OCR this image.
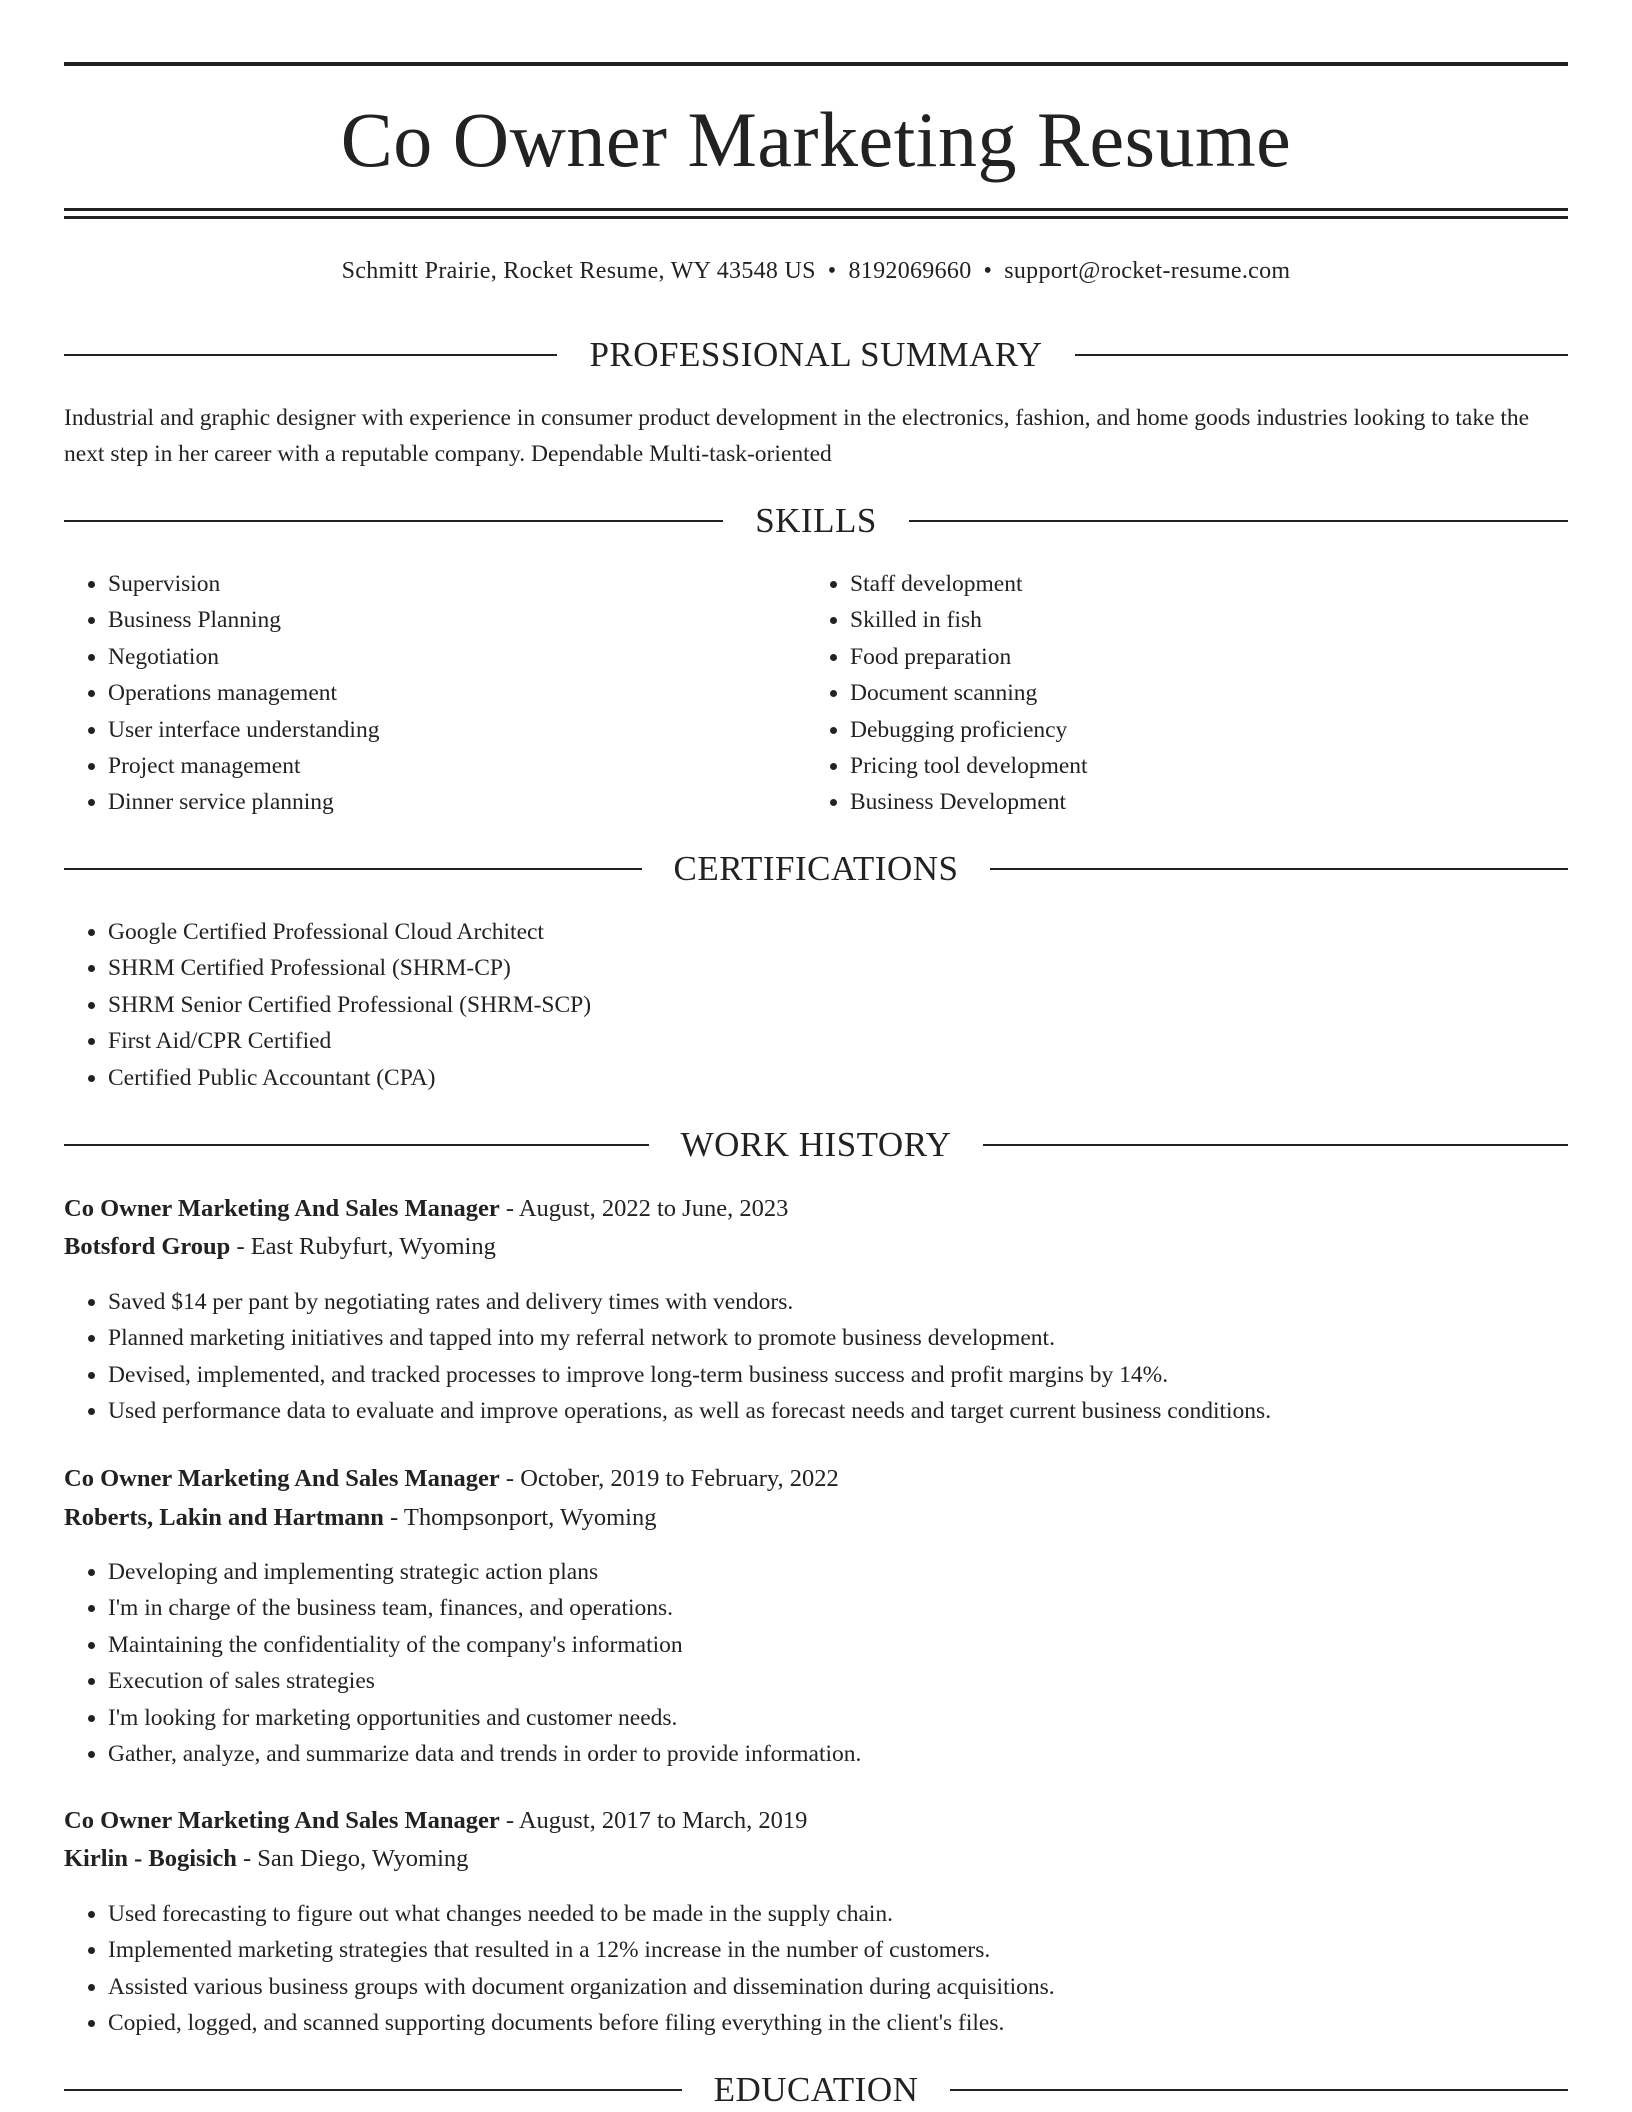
Co Owner Marketing Resume
Schmitt Prairie, Rocket Resume, WY 43548 US • 8192069660 • support@rocket-resume.com
PROFESSIONAL SUMMARY

Industrial and graphic designer with experience in consumer product development in the electronics, fashion, and home goods industries looking to take the next step in her career with a reputable company. Dependable Multi-task-oriented

SKILLS
• Supervision
• Business Planning
• Negotiation
• Operations management
• User interface understanding
• Project management
• Dinner service planning
• Staff development
• Skilled in fish
• Food preparation
• Document scanning
• Debugging proficiency
• Pricing tool development
• Business Development
CERTIFICATIONS
• Google Certified Professional Cloud Architect
• SHRM Certified Professional (SHRM-CP)
• SHRM Senior Certified Professional (SHRM-SCP)
• First Aid/CPR Certified
• Certified Public Accountant (CPA)
WORK HISTORY

Co Owner Marketing And Sales Manager - August, 2022 to June, 2023

Botsford Group - East Rubyfurt, Wyoming

• Saved $14 per pant by negotiating rates and delivery times with vendors.
• Planned marketing initiatives and tapped into my referral network to promote business development.
• Devised, implemented, and tracked processes to improve long-term business success and profit margins by 14%.
• Used performance data to evaluate and improve operations, as well as forecast needs and target current business conditions.

Co Owner Marketing And Sales Manager - October, 2019 to February, 2022

Roberts, Lakin and Hartmann - Thompsonport, Wyoming

• Developing and implementing strategic action plans
• I'm in charge of the business team, finances, and operations.
• Maintaining the confidentiality of the company's information
• Execution of sales strategies
• I'm looking for marketing opportunities and customer needs.
• Gather, analyze, and summarize data and trends in order to provide information.

Co Owner Marketing And Sales Manager - August, 2017 to March, 2019

Kirlin - Bogisich - San Diego, Wyoming

• Used forecasting to figure out what changes needed to be made in the supply chain.
• Implemented marketing strategies that resulted in a 12% increase in the number of customers.
• Assisted various business groups with document organization and dissemination during acquisitions.
• Copied, logged, and scanned supporting documents before filing everything in the client's files.
EDUCATION
